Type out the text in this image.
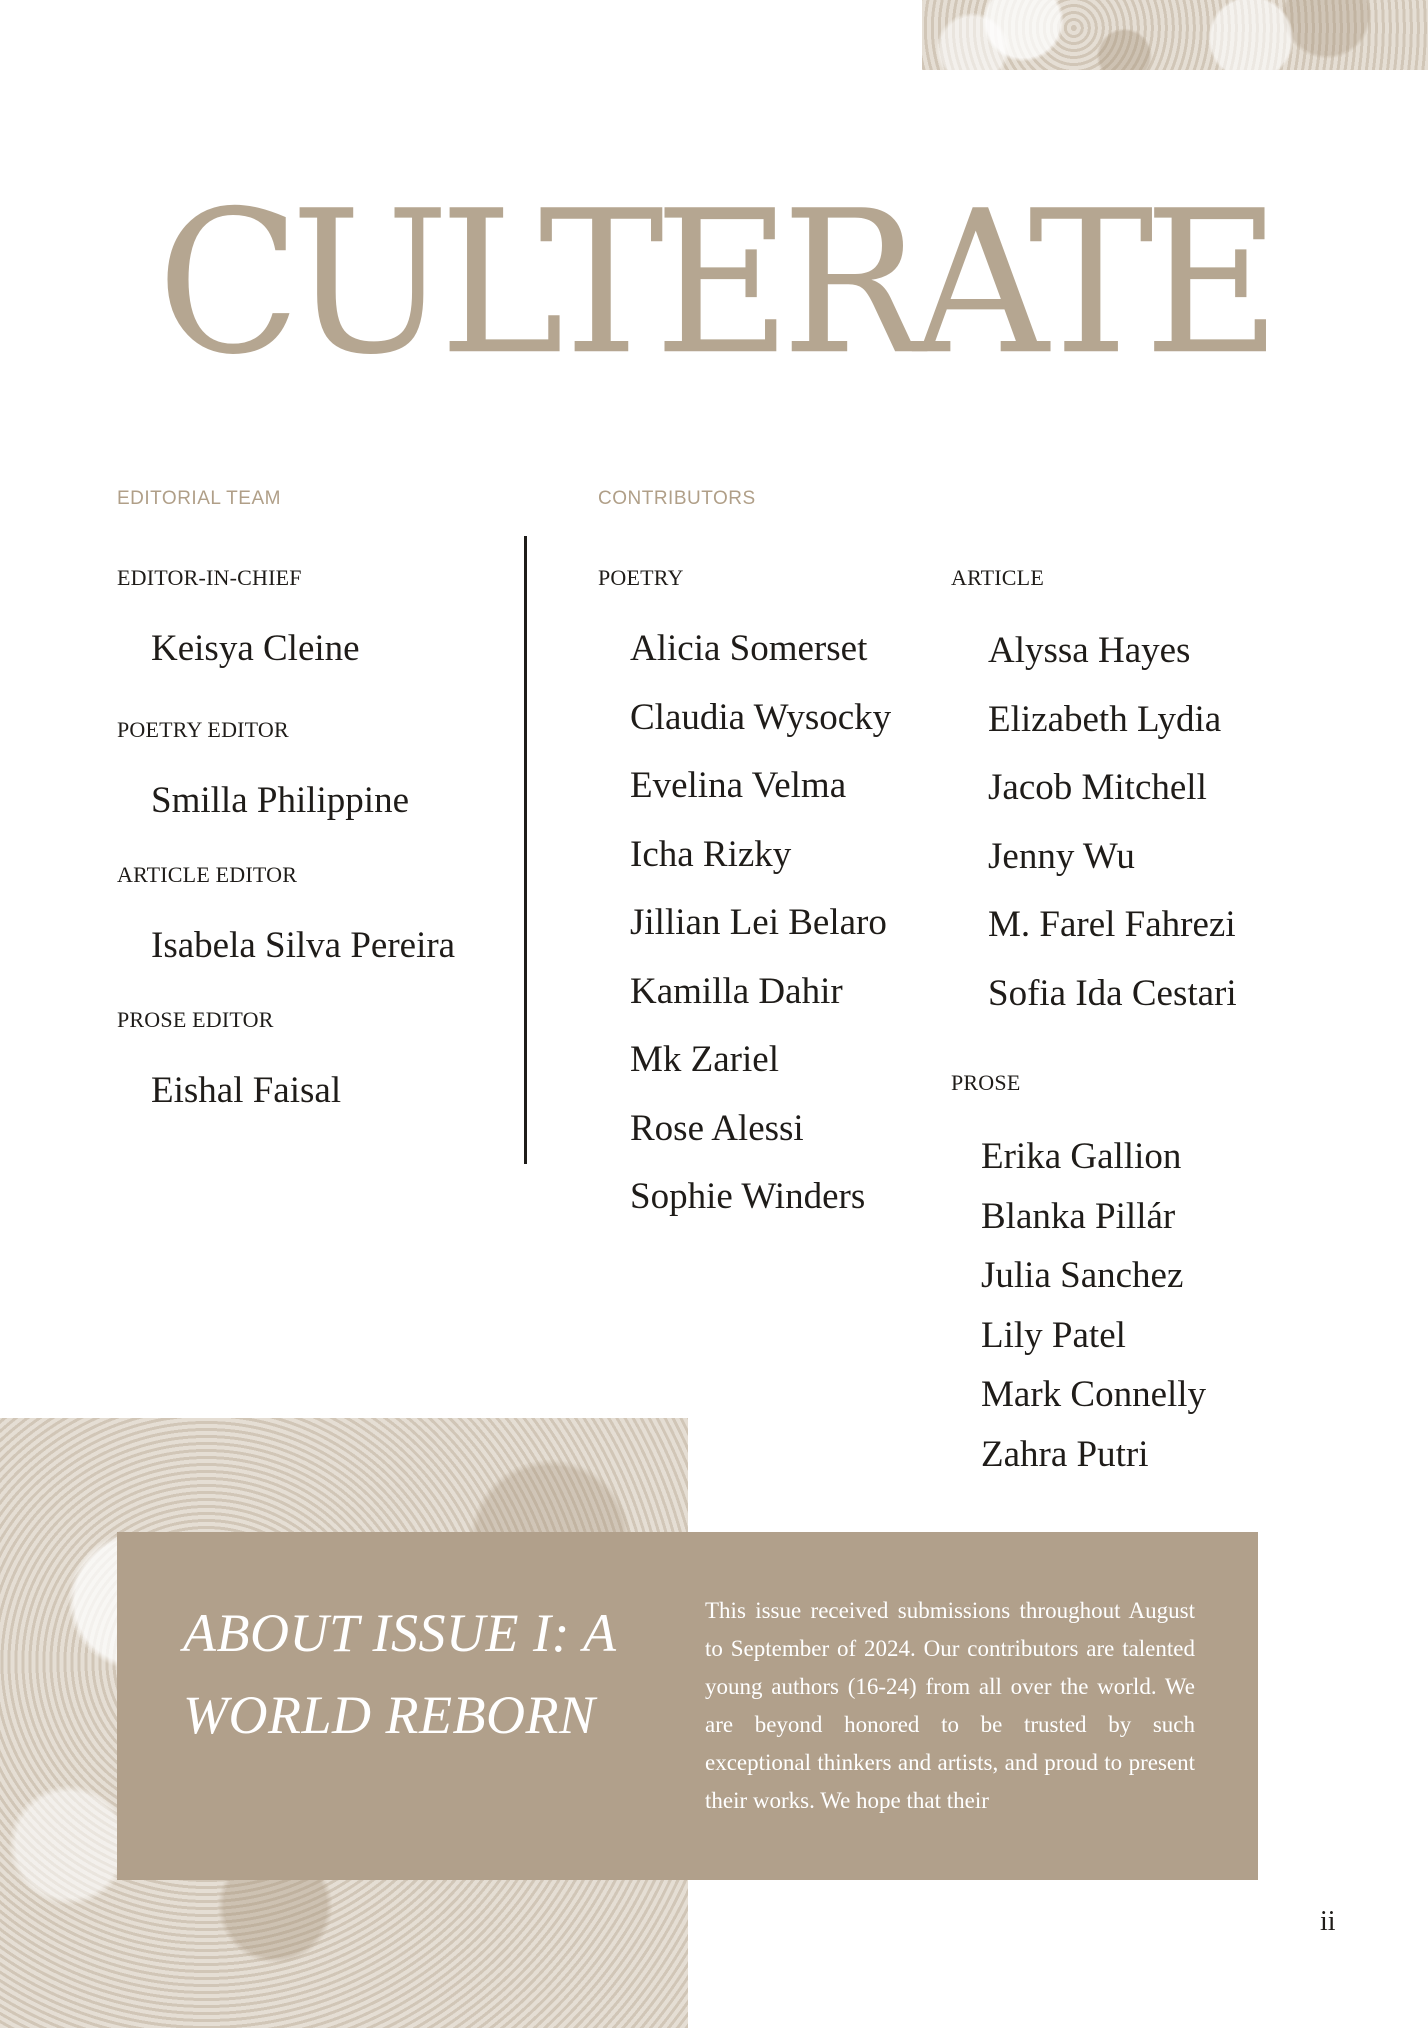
CULTERATE
EDITORIAL TEAM	CONTRIBUTORS
EDITOR-IN-CHIEF
Keisya Cleine
POETRY EDITOR
Smilla Philippine
ARTICLE EDITOR
Isabela Silva Pereira
PROSE EDITOR
Eishal Faisal
POETRY
Alicia Somerset
Claudia Wysocky
Evelina Velma
Icha Rizky
Jillian Lei Belaro
Kamilla Dahir
Mk Zariel
Rose Alessi
Sophie Winders
ARTICLE
Alyssa Hayes
Elizabeth Lydia
Jacob Mitchell
Jenny Wu
M. Farel Fahrezi
Sofia Ida Cestari
PROSE
Erika Gallion
Blanka Pillár
Julia Sanchez
Lily Patel
Mark Connelly
Zahra Putri
ABOUT ISSUE I: A WORLD REBORN
This issue received submissions throughout August to September of 2024. Our contributors are talented young authors (16-24) from all over the world. We are beyond honored to be trusted by such exceptional thinkers and artists, and proud to present their works. We hope that their
ii
